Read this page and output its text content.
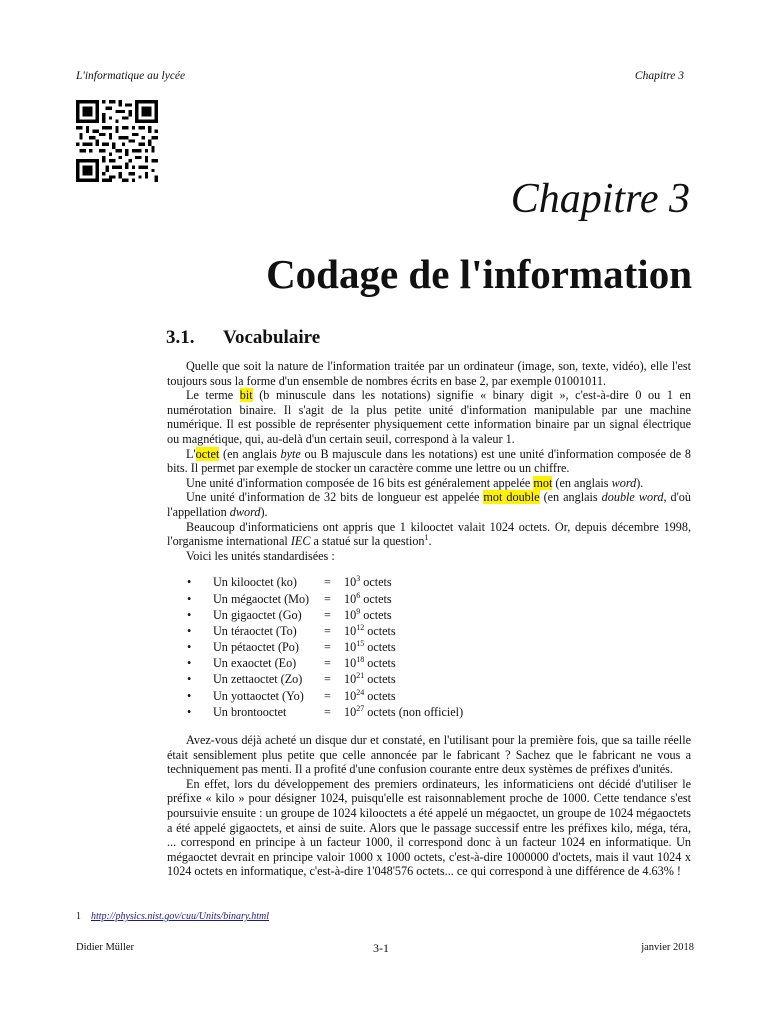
L'informatique au lycée	Chapitre 3
Chapitre 3
Codage de l'information
3.1. Vocabulaire

Quelle que soit la nature de l'information traitée par un ordinateur (image, son, texte, vidéo), elle l'est toujours sous la forme d'un ensemble de nombres écrits en base 2, par exemple 01001011.

Le terme bit (b minuscule dans les notations) signifie « binary digit », c'est-à-dire 0 ou 1 en numérotation binaire. Il s'agit de la plus petite unité d'information manipulable par une machine numérique. Il est possible de représenter physiquement cette information binaire par un signal électrique ou magnétique, qui, au-delà d'un certain seuil, correspond à la valeur 1.

L'octet (en anglais byte ou B majuscule dans les notations) est une unité d'information composée de 8 bits. Il permet par exemple de stocker un caractère comme une lettre ou un chiffre.

Une unité d'information composée de 16 bits est généralement appelée mot (en anglais word).

Une unité d'information de 32 bits de longueur est appelée mot double (en anglais double word, d'où l'appellation dword).

Beaucoup d'informaticiens ont appris que 1 kilooctet valait 1024 octets. Or, depuis décembre 1998, l'organisme international IEC a statué sur la question$^1$.

Voici les unités standardisées :

• Un kilooctet $(ko) = 10^3$ octets
• Un mégaoctet $(Mo) = 10^6$ octets
• Un gigaoctet $(Go) = 10^9$ octets
• Un téraoctet $(To) = 10^{12}$ octets
• Un pétaoctet $(Po) = 10^{15}$ octets
• Un exaoctet $(Eo) = 10^{18}$ octets
• Un zettaoctet $(Zo) = 10^{21}$ octets
• Un yottaoctet $(Yo) = 10^{24}$ octets
• Un brontooctet	= $10^{27}$ octets (non officiel)

Avez-vous déjà acheté un disque dur et constaté, en l'utilisant pour la première fois, que sa taille réelle était sensiblement plus petite que celle annoncée par le fabricant ? Sachez que le fabricant ne vous a techniquement pas menti. Il a profité d'une confusion courante entre deux systèmes de préfixes d'unités.

En effet, lors du développement des premiers ordinateurs, les informaticiens ont décidé d'utiliser le préfixe « kilo » pour désigner 1024, puisqu'elle est raisonnablement proche de 1000. Cette tendance s'est poursuivie ensuite : un groupe de 1024 kilooctets a été appelé un mégaoctet, un groupe de 1024 mégaoctets a été appelé gigaoctets, et ainsi de suite. Alors que le passage successif entre les préfixes kilo, méga, téra, ... correspond en principe à un facteur 1000, il correspond donc à un facteur 1024 en informatique. Un mégaoctet devrait en principe valoir 1000 x 1000 octets, c'est-à-dire 1000000 d'octets, mais il vaut 1024 x 1024 octets en informatique, c'est-à-dire 1'048'576 octets... ce qui correspond à une différence de 4.63% !

1 http://physics.nist.gov/cuu/Units/binary.html
Didier Müller	3-1	janvier 2018
